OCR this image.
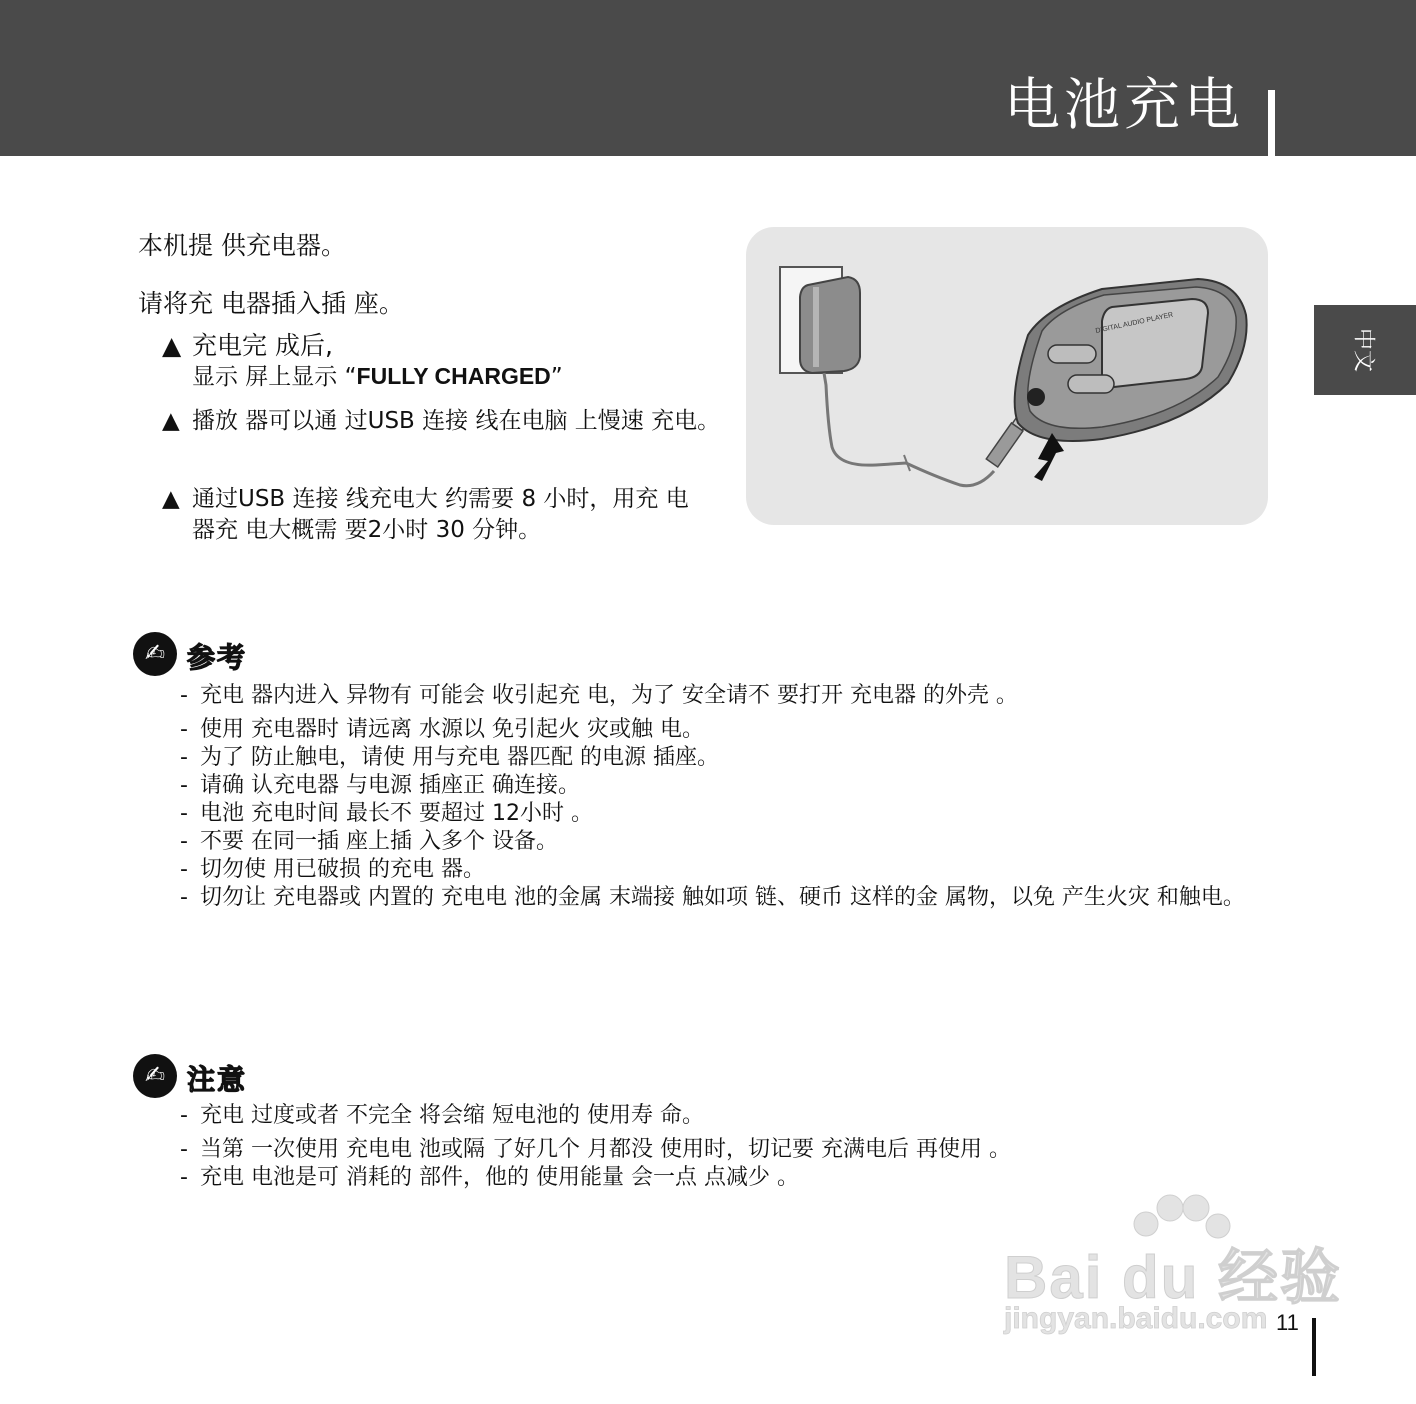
电池充电
中文
本机提 供充电器。
请将充 电器插入插 座。
▲ 充电完 成后,
显示 屏上显示 “FULLY CHARGED”
▲ 播放 器可以通 过USB 连接 线在电脑 上慢速 充电。
▲ 通过USB 连接 线充电大 约需要 8 小时，用充 电
器充 电大概需 要2小时 30 分钟。
DIGITAL AUDIO PLAYER
✍ 参考
- 充电 器内进入 异物有 可能会 收引起充 电，为了 安全请不 要打开 充电器 的外壳 。
- 使用 充电器时 请远离 水源以 免引起火 灾或触 电。
- 为了 防止触电，请使 用与充电 器匹配 的电源 插座。
- 请确 认充电器 与电源 插座正 确连接。
- 电池 充电时间 最长不 要超过 12小时 。
- 不要 在同一插 座上插 入多个 设备。
- 切勿使 用已破损 的充电 器。
- 切勿让 充电器或 内置的 充电电 池的金属 末端接 触如项 链、硬币 这样的金 属物，以免 产生火灾 和触电。
✍ 注意
- 充电 过度或者 不完全 将会缩 短电池的 使用寿 命。
- 当第 一次使用 充电电 池或隔 了好几个 月都没 使用时，切记要 充满电后 再使用 。
- 充电 电池是可 消耗的 部件，他的 使用能量 会一点 点减少 。
Bai du 经验
jingyan.baidu.com 11
